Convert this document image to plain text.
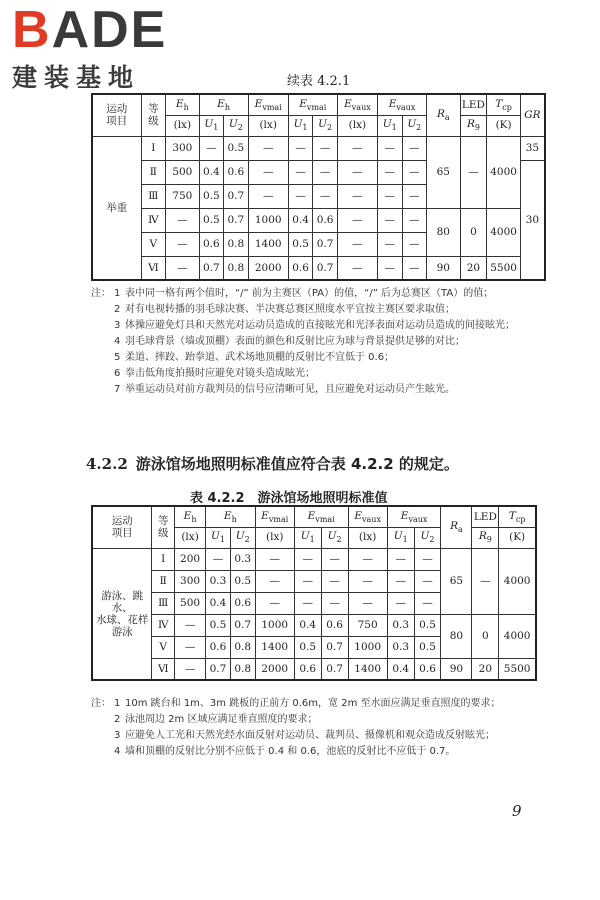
BADE
建装基地	续表 4.2.1
运动
项目	等
级	$E_h$	$E_h$		$E_{vmai}$	$E_{vmai}$		$E_{vaux}$	$E_{vaux}$		$R_a$	LED	$T_{cp}$	GR
		(lx)	$U_1$	$U_2$	(lx)	$U_1$	$U_2$	(lx)	$U_1$	$U_2$		$R_9$	(K)	
举重	Ⅰ	300	—	0.5	—	—	—	—	—	—	65	—	4000	35
	Ⅱ	500	0.4	0.6	—	—	—	—	—	—				30
	Ⅲ	750	0.5	0.7	—	—	—	—	—	—				
	Ⅳ	—	0.5	0.7	1000	0.4	0.6	—	—	—	80	0	4000	
	Ⅴ	—	0.6	0.8	1400	0.5	0.7	—	—	—				
	Ⅵ	—	0.7	0.8	2000	0.6	0.7	—	—	—	90	20	5500	
注： 1 表中同一格有两个值时，“/” 前为主赛区（PA）的值，“/” 后为总赛区（TA）的值；
2 对有电视转播的羽毛球决赛、半决赛总赛区照度水平宜按主赛区要求取值；
3 体操应避免灯具和天然光对运动员造成的直接眩光和光泽表面对运动员造成的间接眩光；
4 羽毛球背景（墙或顶棚）表面的颜色和反射比应为球与背景提供足够的对比；
5 柔道、摔跤、跆拳道、武术场地顶棚的反射比不宜低于 0.6；
6 拳击低角度拍摄时应避免对镜头造成眩光；
7 举重运动员对前方裁判员的信号应清晰可见，且应避免对运动员产生眩光。
4.2.2 游泳馆场地照明标准值应符合表 4.2.2 的规定。
表 4.2.2　游泳馆场地照明标准值
运动
项目	等
级	$E_h$	$E_h$		$E_{vmai}$	$E_{vmai}$		$E_{vaux}$	$E_{vaux}$		$R_a$	LED	$T_{cp}$
		(lx)	$U_1$	$U_2$	(lx)	$U_1$	$U_2$	(lx)	$U_1$	$U_2$		$R_9$	(K)
游泳、跳水、
水球、花样
游泳	Ⅰ	200	—	0.3	—	—	—	—	—	—	65	—	4000
	Ⅱ	300	0.3	0.5	—	—	—	—	—	—			
	Ⅲ	500	0.4	0.6	—	—	—	—	—	—			
	Ⅳ	—	0.5	0.7	1000	0.4	0.6	750	0.3	0.5	80	0	4000
	Ⅴ	—	0.6	0.8	1400	0.5	0.7	1000	0.3	0.5			
	Ⅵ	—	0.7	0.8	2000	0.6	0.7	1400	0.4	0.6	90	20	5500
注： 1 10m 跳台和 1m、3m 跳板的正前方 0.6m，宽 2m 至水面应满足垂直照度的要求；
2 泳池周边 2m 区域应满足垂直照度的要求；
3 应避免人工光和天然光经水面反射对运动员、裁判员、摄像机和观众造成反射眩光；
4 墙和顶棚的反射比分别不应低于 0.4 和 0.6，池底的反射比不应低于 0.7。
9
